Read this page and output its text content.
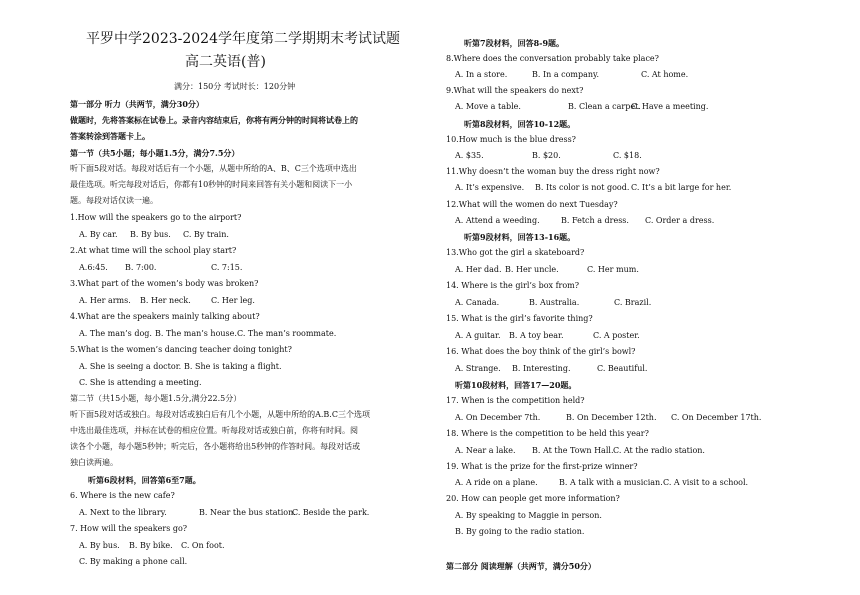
平罗中学2023-2024学年度第二学期期末考试试题
高二英语(普)
满分：150分 考试时长：120分钟
第一部分 听力（共两节，满分30分）
做题时，先将答案标在试卷上。录音内容结束后，你将有两分钟的时间将试卷上的
答案转涂到答题卡上。
第一节（共5小题；每小题1.5分，满分7.5分）
听下面5段对话。每段对话后有一个小题，从题中所给的A、B、C三个选项中选出
最佳选项。听完每段对话后，你都有10秒钟的时间来回答有关小题和阅读下一小
题。每段对话仅读一遍。
1.How will the speakers go to the airport?
A. By car. B. By bus. C. By train.
2.At what time will the school play start?
A.6:45. B. 7:00.	C. 7:15.
3.What part of the women’s body was broken?
A. Her arms. B. Her neck.	C. Her leg.
4.What are the speakers mainly talking about?
A. The man’s dog. B. The man’s house. C. The man’s roommate.
5.What is the women’s dancing teacher doing tonight?
A. She is seeing a doctor. B. She is taking a flight.
C. She is attending a meeting.
第二节（共15小题，每小题1.5分,满分22.5分）
听下面5段对话或独白。每段对话或独白后有几个小题，从题中所给的A.B.C三个选项
中选出最佳选项，并标在试卷的相应位置。听每段对话或独白前，你将有时间。阅
读各个小题，每小题5秒钟；听完后，各小题将给出5秒钟的作答时间。每段对话或
独白读两遍。
听第6段材料，回答第6至7题。
6. Where is the new cafe?
A. Next to the library.	B. Near the bus station.
C. Beside the park.
7. How will the speakers go?
A. By bus. B. By bike. C. On foot.
C. By making a phone call.
听第7段材料，回答8-9题。
8.Where does the conversation probably take place?
A. In a store.	B. In a company.	C. At home.
9.What will the speakers do next?
A. Move a table.	B. Clean a carpet.
C. Have a meeting.
听第8段材料，回答10-12题。
10.How much is the blue dress?
A. $35.	B. $20.	C. $18.
11.Why doesn’t the woman buy the dress right now?
A. It’s expensive. B. Its color is not good. C. It’s a bit large for her.
12.What will the women do next Tuesday?
A. Attend a weeding.	B. Fetch a dress. C. Order a dress.
听第9段材料，回答13-16题。
13.Who got the girl a skateboard?
A. Her dad. B. Her uncle.	C. Her mum.
14. Where is the girl’s box from?
A. Canada.	B. Australia.	C. Brazil.
15. What is the girl’s favorite thing?
A. A guitar. B. A toy bear.	C. A poster.
16. What does the boy think of the girl’s bowl?
A. Strange. B. Interesting.	C. Beautiful.
听第10段材料，回答17—20题。
17. When is the competition held?
A. On December 7th.	B. On December 12th. C. On December 17th.
18. Where is the competition to be held this year?
A. Near a lake. B. At the Town Hall. C. At the radio station.
19. What is the prize for the first-prize winner?
A. A ride on a plane.	B. A talk with a musician. C. A visit to a school.
20. How can people get more information?
A. By speaking to Maggie in person.
B. By going to the radio station.
第二部分 阅读理解（共两节，满分50分）
